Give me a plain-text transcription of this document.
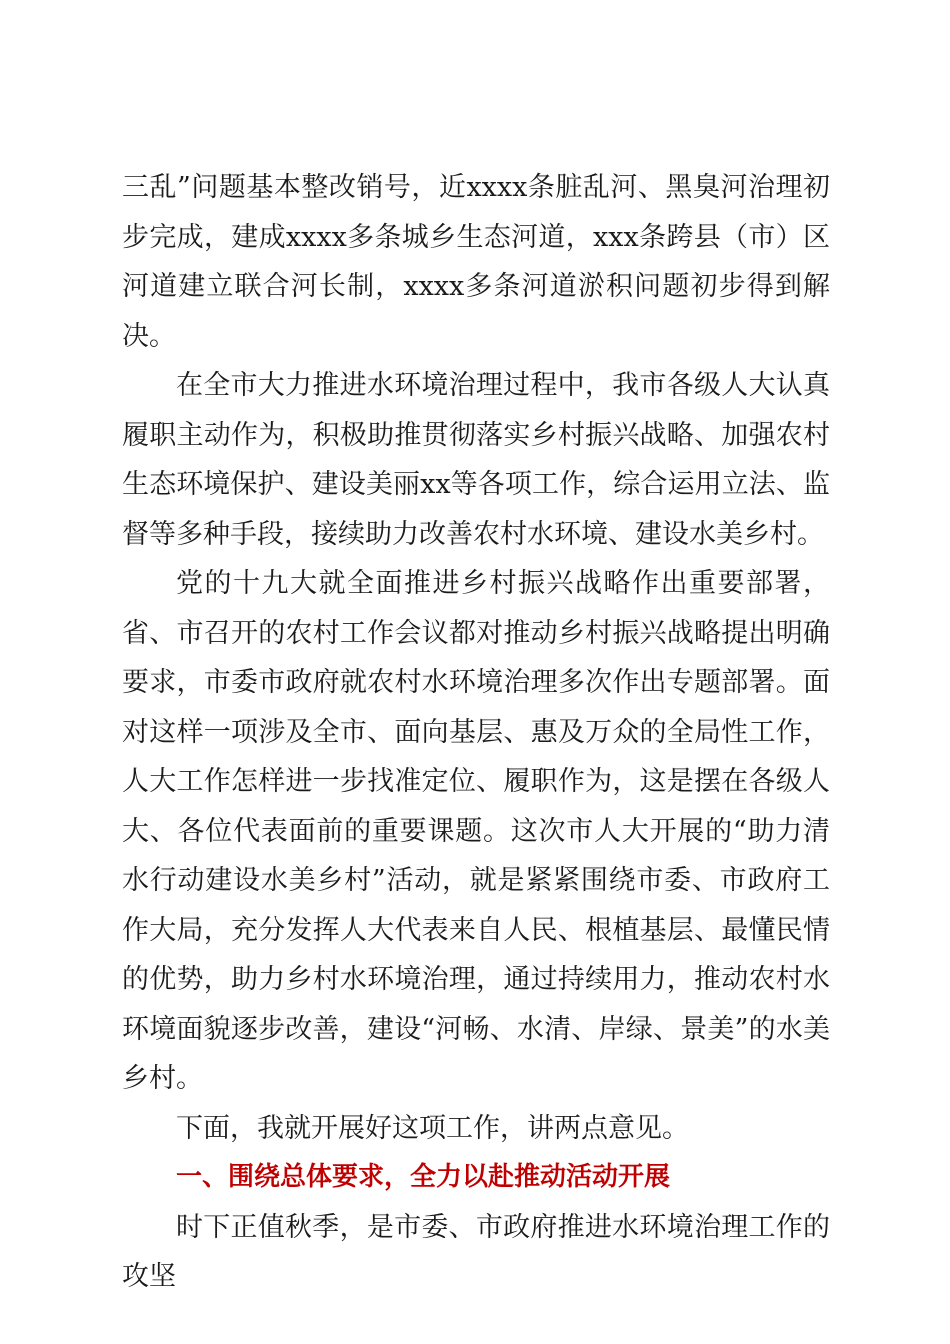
三乱”问题基本整改销号，近xxxx条脏乱河、黑臭河治理初步完成，建成xxxx多条城乡生态河道，xxx条跨县（市）区河道建立联合河长制，xxxx多条河道淤积问题初步得到解决。

在全市大力推进水环境治理过程中，我市各级人大认真履职主动作为，积极助推贯彻落实乡村振兴战略、加强农村生态环境保护、建设美丽xx等各项工作，综合运用立法、监督等多种手段，接续助力改善农村水环境、建设水美乡村。

党的十九大就全面推进乡村振兴战略作出重要部署，省、市召开的农村工作会议都对推动乡村振兴战略提出明确要求，市委市政府就农村水环境治理多次作出专题部署。面对这样一项涉及全市、面向基层、惠及万众的全局性工作，人大工作怎样进一步找准定位、履职作为，这是摆在各级人大、各位代表面前的重要课题。这次市人大开展的“助力清水行动建设水美乡村”活动，就是紧紧围绕市委、市政府工作大局，充分发挥人大代表来自人民、根植基层、最懂民情的优势，助力乡村水环境治理，通过持续用力，推动农村水环境面貌逐步改善，建设“河畅、水清、岸绿、景美”的水美乡村。

下面，我就开展好这项工作，讲两点意见。

一、围绕总体要求，全力以赴推动活动开展

时下正值秋季，是市委、市政府推进水环境治理工作的攻坚
